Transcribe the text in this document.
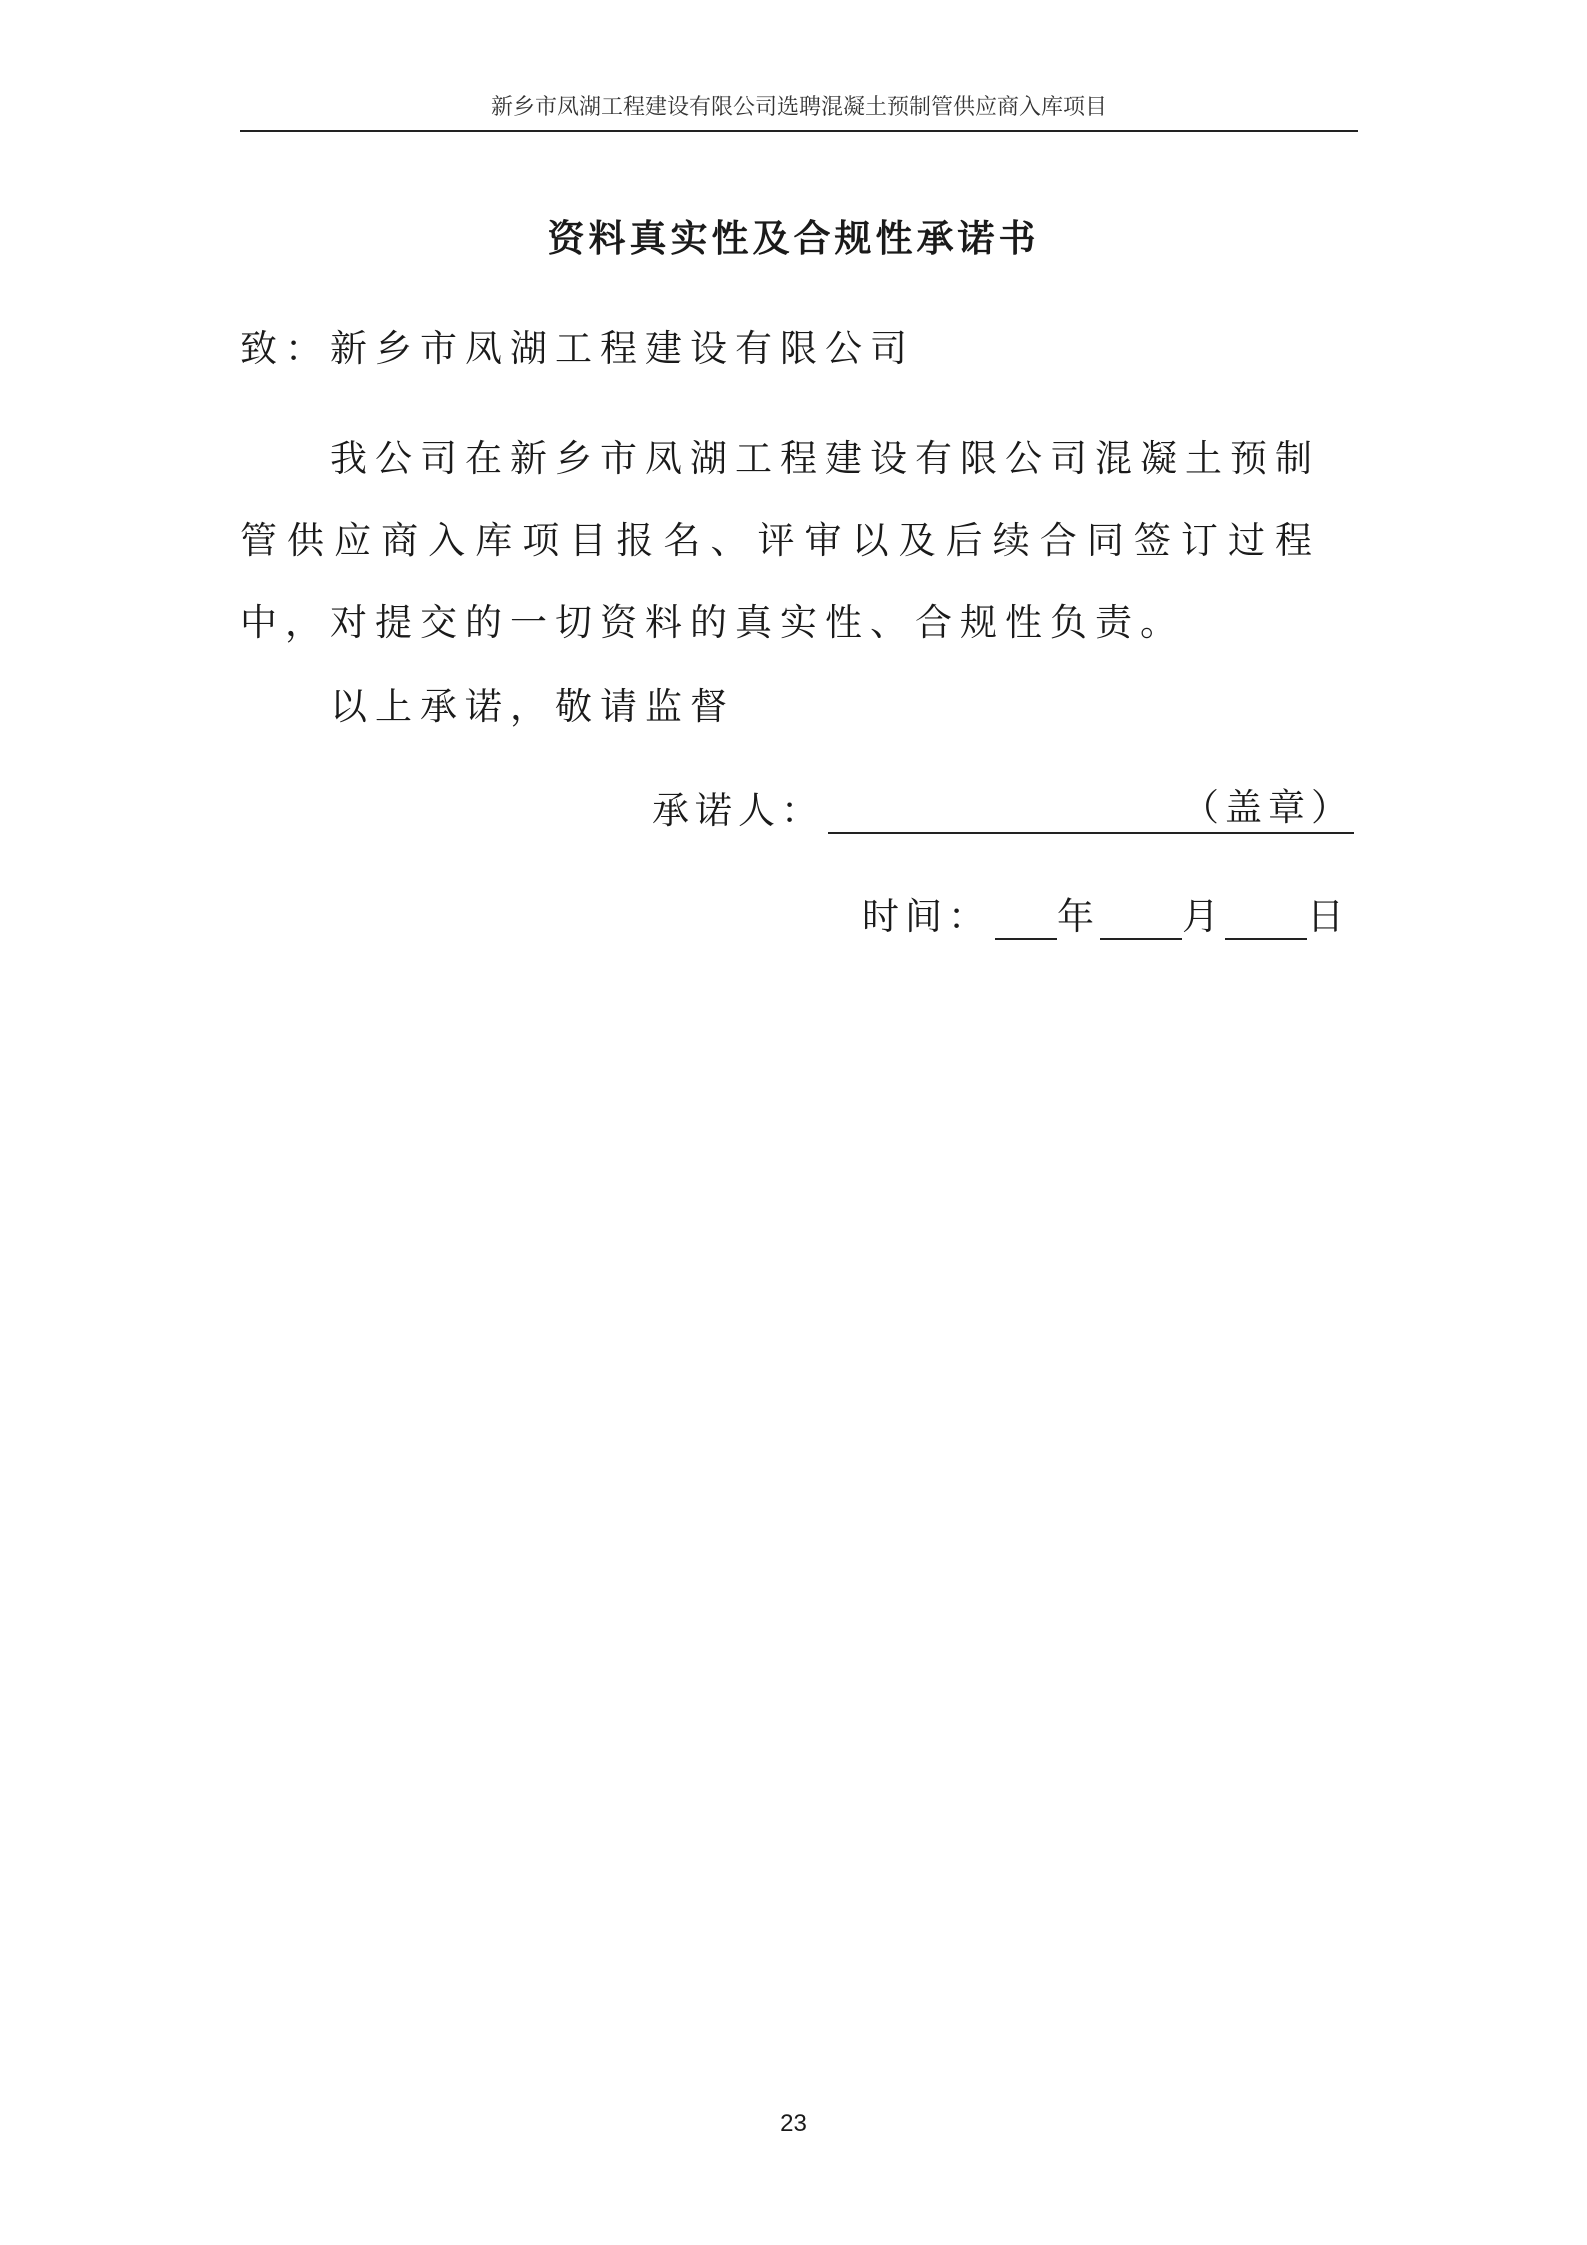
新乡市凤湖工程建设有限公司选聘混凝土预制管供应商入库项目
资料真实性及合规性承诺书
致：新乡市凤湖工程建设有限公司

我公司在新乡市凤湖工程建设有限公司混凝土预制管供应商入库项目报名、评审以及后续合同签订过程中，对提交的一切资料的真实性、合规性负责。

以上承诺，敬请监督
承诺人：	（盖章）
时间： 年 月 日
23
